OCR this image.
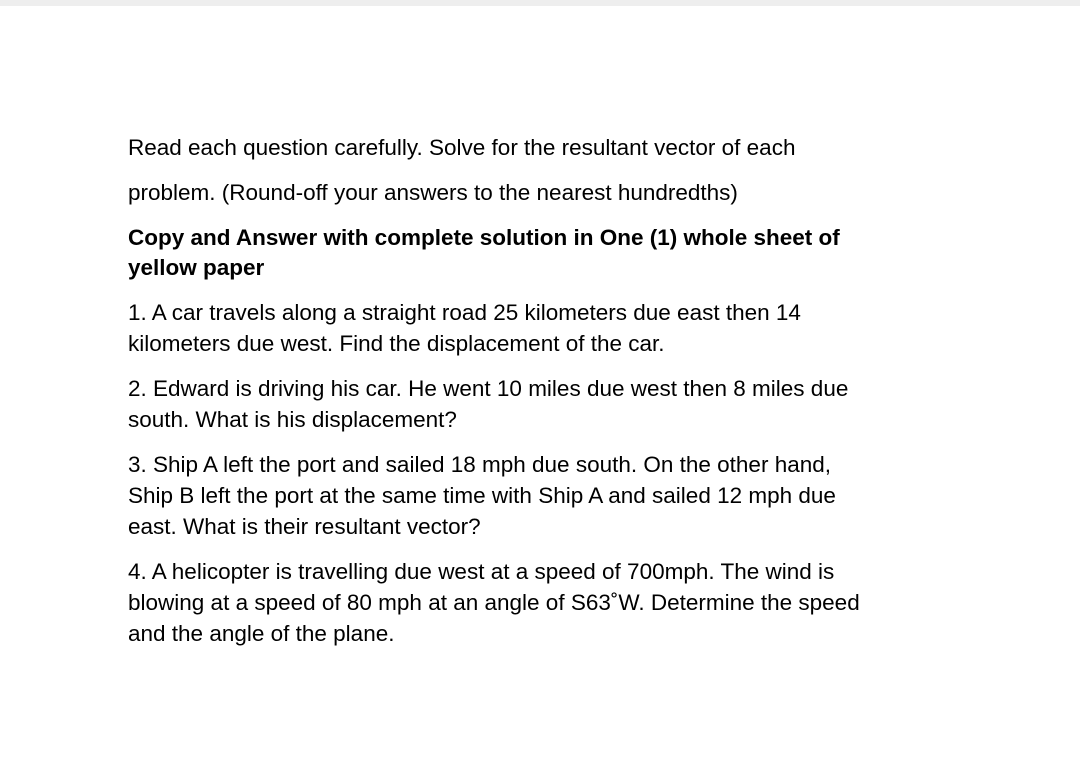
Read each question carefully. Solve for the resultant vector of each

problem. (Round-off your answers to the nearest hundredths)

Copy and Answer with complete solution in One (1) whole sheet of
yellow paper

1. A car travels along a straight road 25 kilometers due east then 14
kilometers due west. Find the displacement of the car.

2. Edward is driving his car. He went 10 miles due west then 8 miles due
south. What is his displacement?

3. Ship A left the port and sailed 18 mph due south. On the other hand,
Ship B left the port at the same time with Ship A and sailed 12 mph due
east. What is their resultant vector?

4. A helicopter is travelling due west at a speed of 700mph. The wind is
blowing at a speed of 80 mph at an angle of S63˚W. Determine the speed
and the angle of the plane.
